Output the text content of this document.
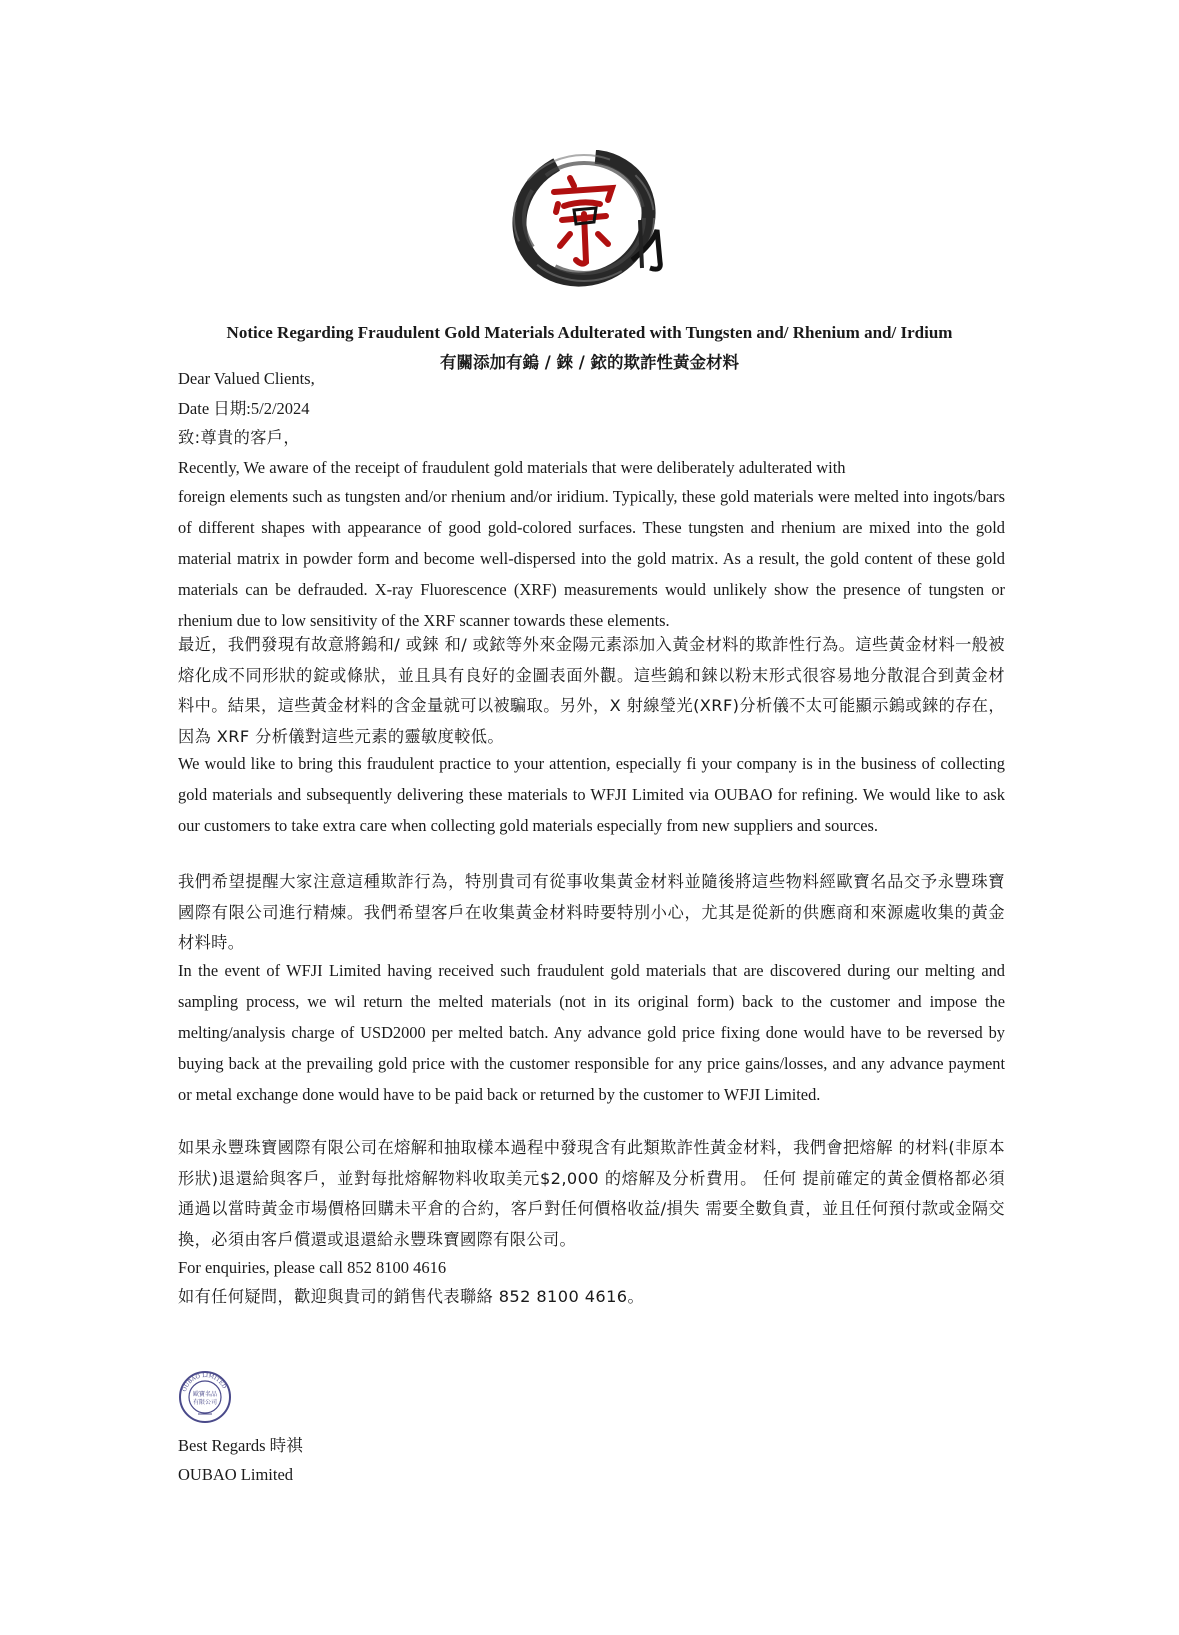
Notice Regarding Fraudulent Gold Materials Adulterated with Tungsten and/ Rhenium and/ Irdium
有關添加有鎢 / 錸 / 銥的欺詐性黃金材料

Dear Valued Clients,

Date 日期:5/2/2024

致:尊貴的客戶，

Recently, We aware of the receipt of fraudulent gold materials that were deliberately adulterated with

foreign elements such as tungsten and/or rhenium and/or iridium. Typically, these gold materials were melted into ingots/bars of different shapes with appearance of good gold-colored surfaces. These tungsten and rhenium are mixed into the gold material matrix in powder form and become well-dispersed into the gold matrix. As a result, the gold content of these gold materials can be defrauded. X-ray Fluorescence (XRF) measurements would unlikely show the presence of tungsten or rhenium due to low sensitivity of the XRF scanner towards these elements.

最近，我們發現有故意將鎢和/ 或錸 和/ 或銥等外來金陽元素添加入黃金材料的欺詐性行為。這些黃金材料一般被熔化成不同形狀的錠或條狀，並且具有良好的金圖表面外觀。這些鎢和錸以粉末形式很容易地分散混合到黃金材料中。結果，這些黃金材料的含金量就可以被騙取。另外，X 射線瑩光(XRF)分析儀不太可能顯示鎢或錸的存在，因為 XRF 分析儀對這些元素的靈敏度較低。

We would like to bring this fraudulent practice to your attention, especially fi your company is in the business of collecting gold materials and subsequently delivering these materials to WFJI Limited via OUBAO for refining. We would like to ask our customers to take extra care when collecting gold materials especially from new suppliers and sources.

我們希望提醒大家注意這種欺詐行為，特別貴司有從事收集黃金材料並隨後將這些物料經歐寶名品交予永豐珠寶國際有限公司進行精煉。我們希望客戶在收集黃金材料時要特別小心，尤其是從新的供應商和來源處收集的黃金材料時。

In the event of WFJI Limited having received such fraudulent gold materials that are discovered during our melting and sampling process, we wil return the melted materials (not in its original form) back to the customer and impose the melting/analysis charge of USD2000 per melted batch. Any advance gold price fixing done would have to be reversed by buying back at the prevailing gold price with the customer responsible for any price gains/losses, and any advance payment or metal exchange done would have to be paid back or returned by the customer to WFJI Limited.

如果永豐珠寶國際有限公司在熔解和抽取樣本過程中發現含有此類欺詐性黃金材料，我們會把熔解 的材料(非原本形狀)退還給與客戶，並對每批熔解物料收取美元$2,000 的熔解及分析費用。 任何 提前確定的黃金價格都必須通過以當時黃金市場價格回購未平倉的合約，客戶對任何價格收益/損失 需要全數負責，並且任何預付款或金隔交換，必須由客戶償還或退還給永豐珠寶國際有限公司。

For enquiries, please call 852 8100 4616

如有任何疑問，歡迎與貴司的銷售代表聯絡 852 8100 4616。

OUBAO LIMITED
歐寶名品
有限公司

Best Regards 時祺

OUBAO Limited
